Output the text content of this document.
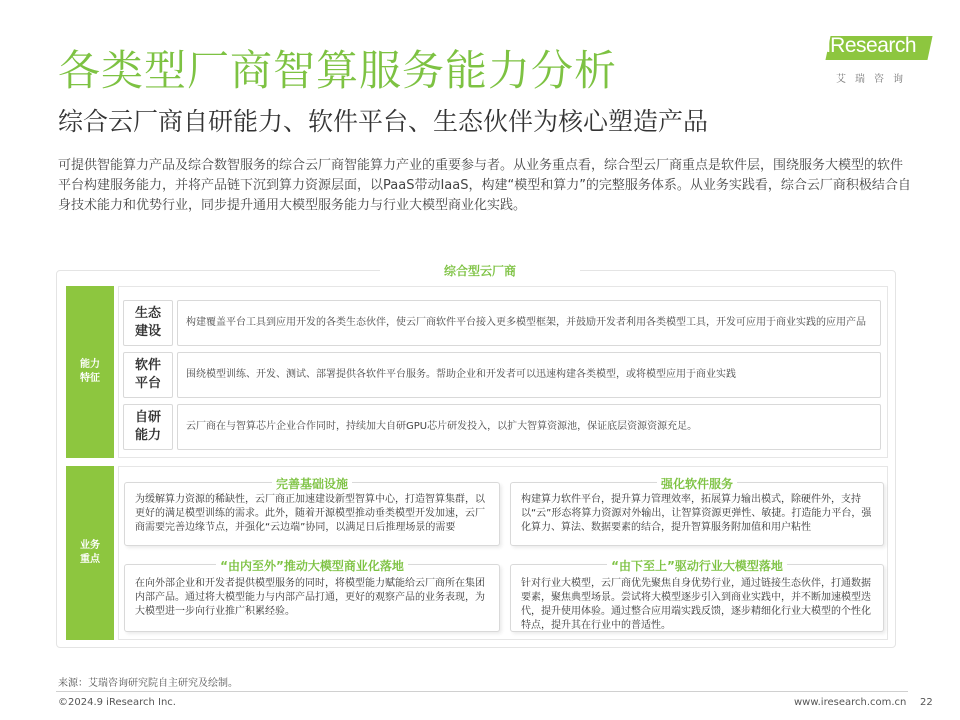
各类型厂商智算服务能力分析
综合云厂商自研能力、软件平台、生态伙伴为核心塑造产品
iResearch
艾瑞咨询
可提供智能算力产品及综合数智服务的综合云厂商智能算力产业的重要参与者。从业务重点看，综合型云厂商重点是软件层，围绕服务大模型的软件平台构建服务能力，并将产品链下沉到算力资源层面，以PaaS带动IaaS，构建“模型和算力”的完整服务体系。从业务实践看，综合云厂商积极结合自身技术能力和优势行业，同步提升通用大模型服务能力与行业大模型商业化实践。
综合型云厂商
能力
特征
业务
重点
生态
建设
构建覆盖平台工具到应用开发的各类生态伙伴，使云厂商软件平台接入更多模型框架，并鼓励开发者利用各类模型工具，开发可应用于商业实践的应用产品
软件
平台
围绕模型训练、开发、测试、部署提供各软件平台服务。帮助企业和开发者可以迅速构建各类模型，或将模型应用于商业实践
自研
能力
云厂商在与智算芯片企业合作同时，持续加大自研GPU芯片研发投入，以扩大智算资源池，保证底层资源资源充足。
完善基础设施
为缓解算力资源的稀缺性，云厂商正加速建设新型智算中心，打造智算集群，以更好的满足模型训练的需求。此外，随着开源模型推动垂类模型开发加速，云厂商需要完善边缘节点，并强化“云边端”协同，以满足日后推理场景的需要
强化软件服务
构建算力软件平台，提升算力管理效率，拓展算力输出模式，除硬件外，支持以“云”形态将算力资源对外输出，让智算资源更弹性、敏捷。打造能力平台，强化算力、算法、数据要素的结合，提升智算服务附加值和用户粘性
“由内至外”推动大模型商业化落地
在向外部企业和开发者提供模型服务的同时，将模型能力赋能给云厂商所在集团内部产品。通过将大模型能力与内部产品打通，更好的观察产品的业务表现，为大模型进一步向行业推广积累经验。
“由下至上”驱动行业大模型落地
针对行业大模型，云厂商优先聚焦自身优势行业，通过链接生态伙伴，打通数据要素，聚焦典型场景。尝试将大模型逐步引入到商业实践中，并不断加速模型迭代，提升使用体验。通过整合应用端实践反馈，逐步精细化行业大模型的个性化特点，提升其在行业中的普适性。
来源：艾瑞咨询研究院自主研究及绘制。
©2024.9 iResearch Inc.	www.iresearch.com.cn 22
